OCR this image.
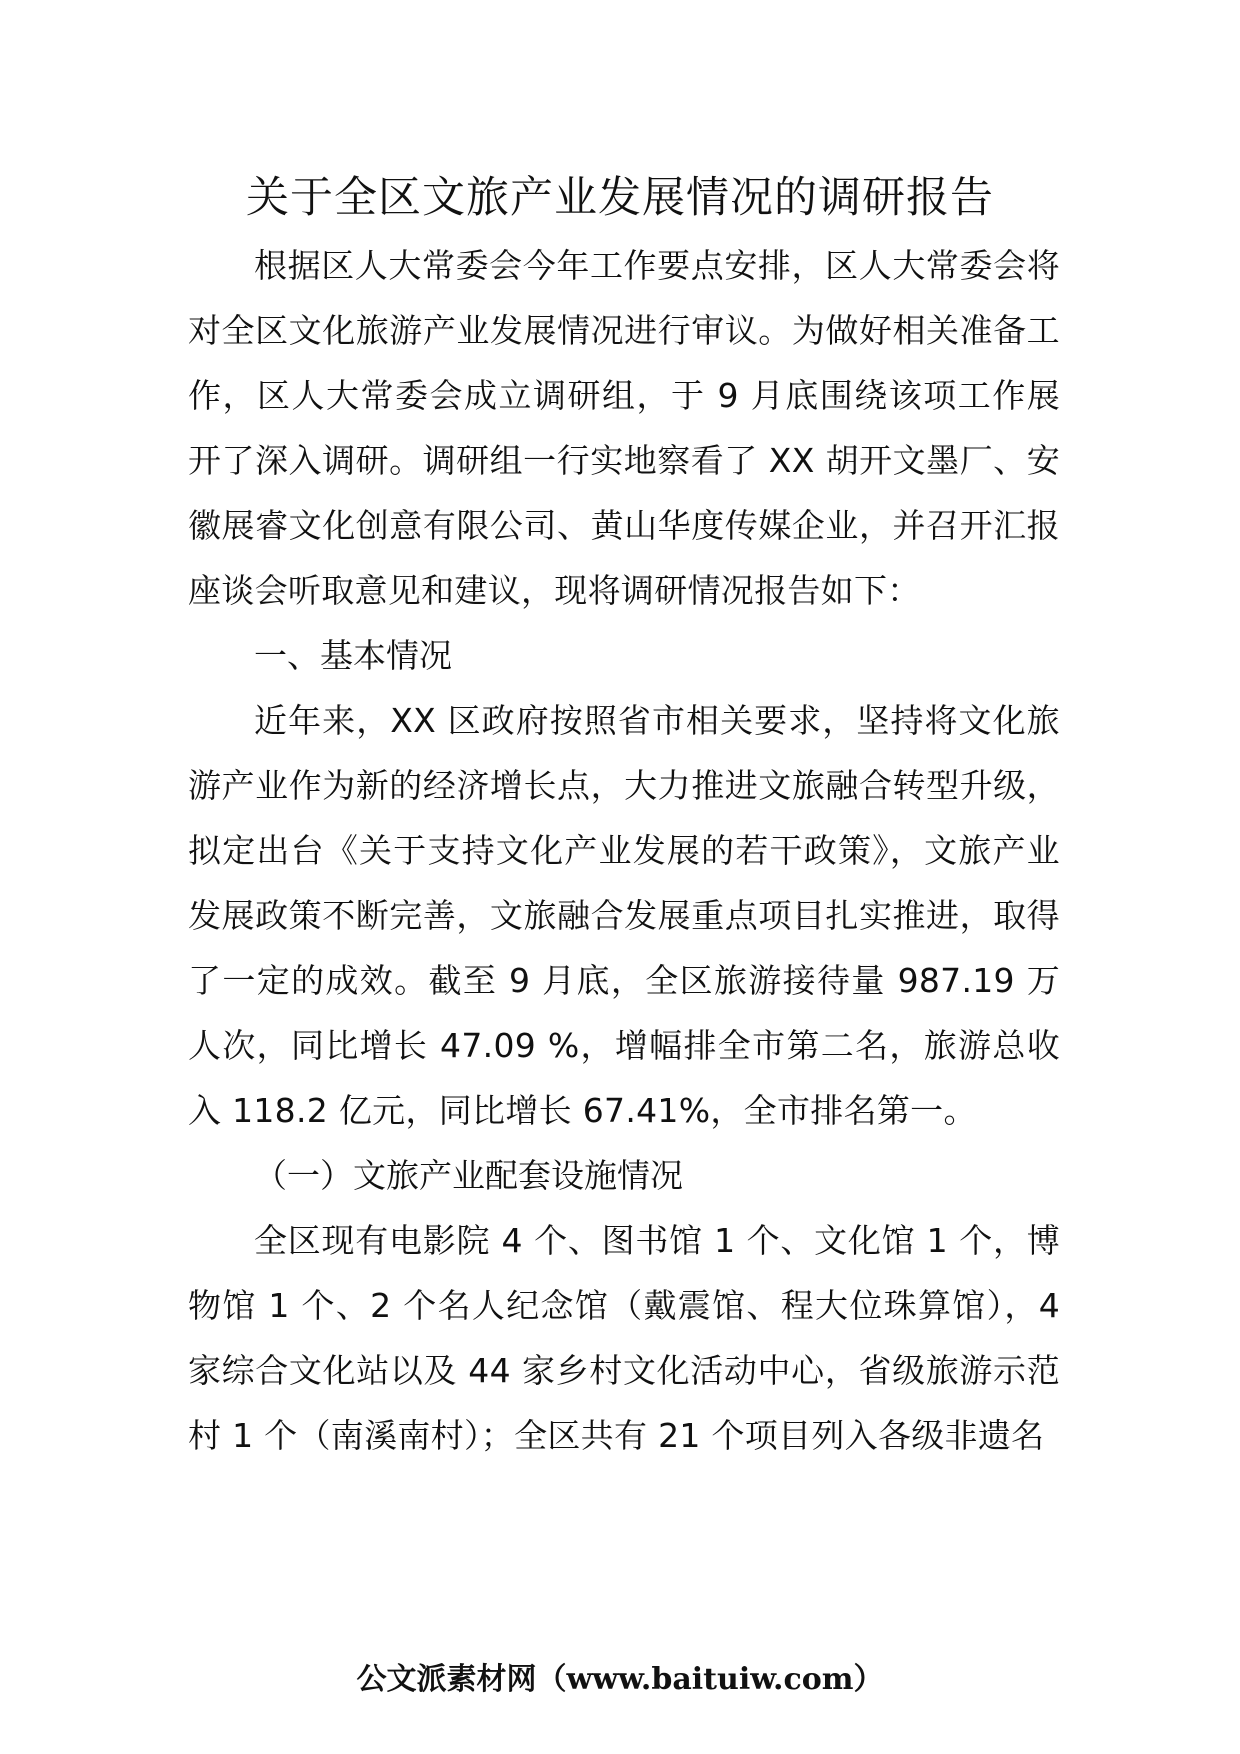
关于全区文旅产业发展情况的调研报告

根据区人大常委会今年工作要点安排，区人大常委会将对全区文化旅游产业发展情况进行审议。为做好相关准备工作，区人大常委会成立调研组，于 9 月底围绕该项工作展开了深入调研。调研组一行实地察看了 XX 胡开文墨厂、安徽展睿文化创意有限公司、黄山华度传媒企业，并召开汇报座谈会听取意见和建议，现将调研情况报告如下：

一、基本情况

近年来，XX 区政府按照省市相关要求，坚持将文化旅游产业作为新的经济增长点，大力推进文旅融合转型升级，拟定出台《关于支持文化产业发展的若干政策》，文旅产业发展政策不断完善，文旅融合发展重点项目扎实推进，取得了一定的成效。截至 9 月底，全区旅游接待量 987.19 万人次，同比增长 47.09 %，增幅排全市第二名，旅游总收入 118.2 亿元，同比增长 67.41%，全市排名第一。

（一）文旅产业配套设施情况

全区现有电影院 4 个、图书馆 1 个、文化馆 1 个，博物馆 1 个、2 个名人纪念馆（戴震馆、程大位珠算馆），4 家综合文化站以及 44 家乡村文化活动中心，省级旅游示范村 1 个（南溪南村）；全区共有 21 个项目列入各级非遗名

公文派素材网（www.baituiw.com）
